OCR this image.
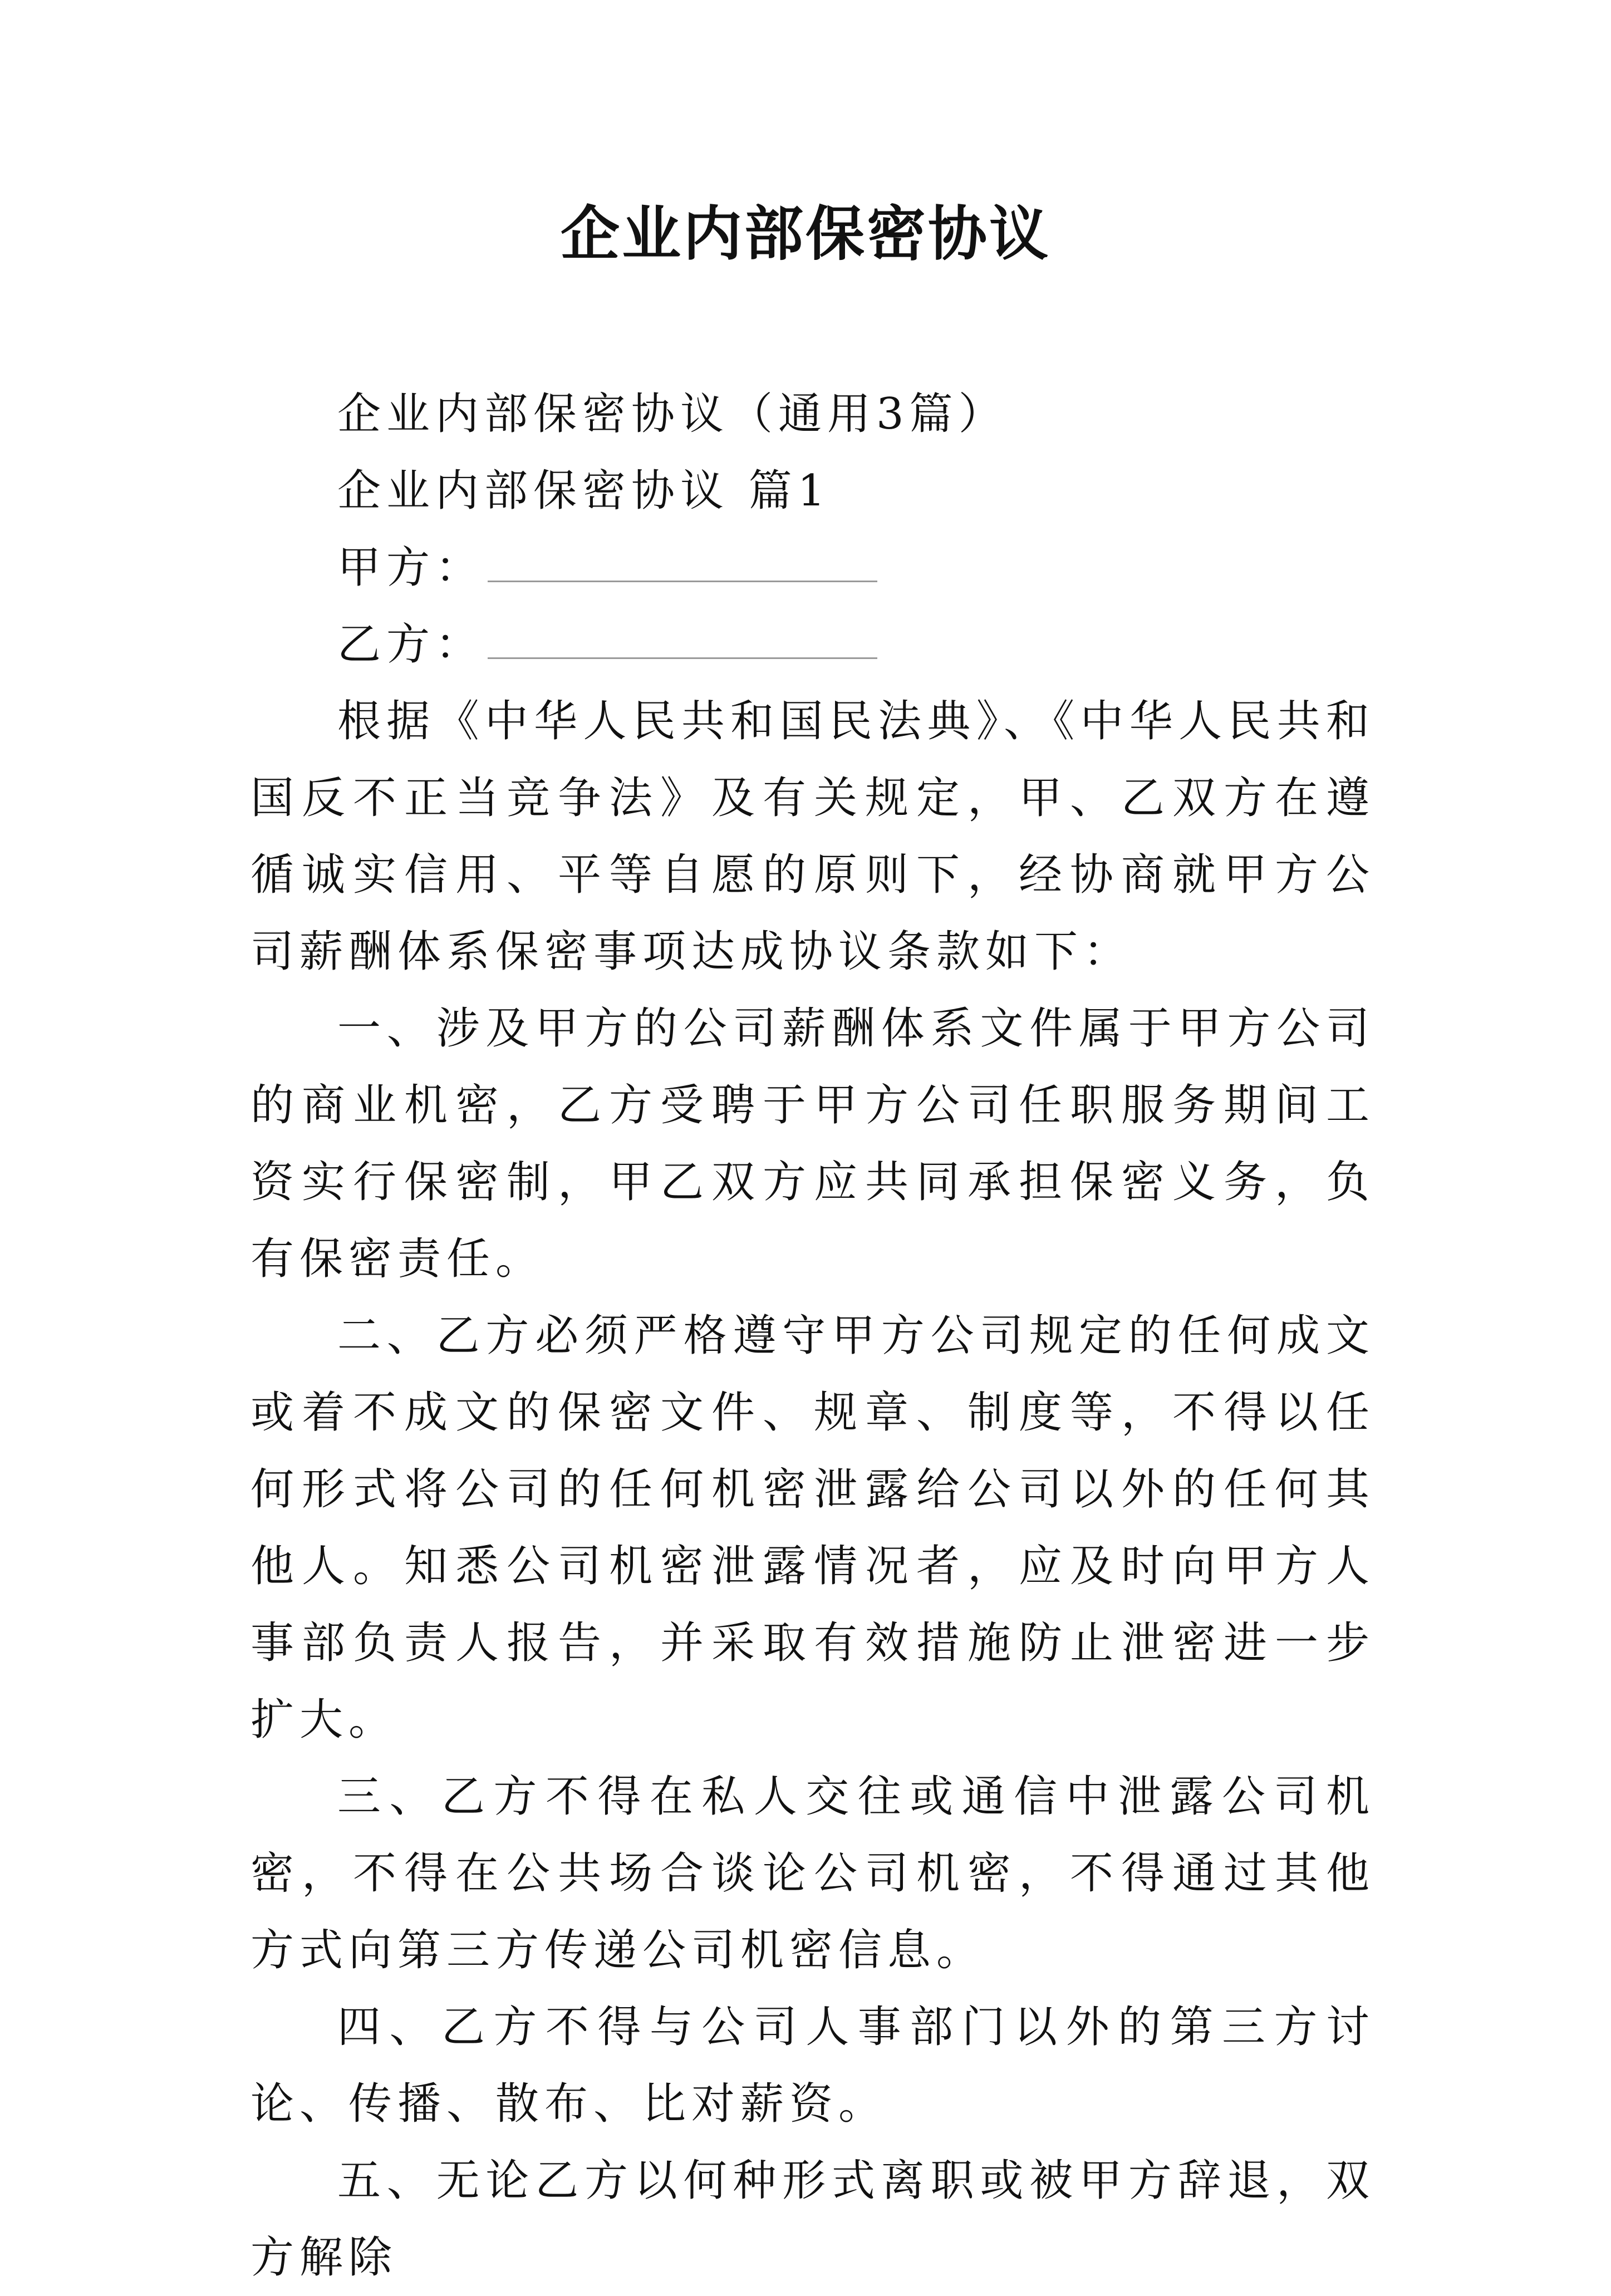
企业内部保密协议

企业内部保密协议（通用3篇）

企业内部保密协议 篇1

甲方：

乙方：

根据《中华人民共和国民法典》、《中华人民共和国反不正当竞争法》及有关规定，甲、乙双方在遵循诚实信用、平等自愿的原则下，经协商就甲方公司薪酬体系保密事项达成协议条款如下：

一、涉及甲方的公司薪酬体系文件属于甲方公司的商业机密，乙方受聘于甲方公司任职服务期间工资实行保密制，甲乙双方应共同承担保密义务，负有保密责任。

二、乙方必须严格遵守甲方公司规定的任何成文或着不成文的保密文件、规章、制度等，不得以任何形式将公司的任何机密泄露给公司以外的任何其他人。知悉公司机密泄露情况者，应及时向甲方人事部负责人报告，并采取有效措施防止泄密进一步扩大。

三、乙方不得在私人交往或通信中泄露公司机密，不得在公共场合谈论公司机密，不得通过其他方式向第三方传递公司机密信息。

四、乙方不得与公司人事部门以外的第三方讨论、传播、散布、比对薪资。

五、无论乙方以何种形式离职或被甲方辞退，双方解除
